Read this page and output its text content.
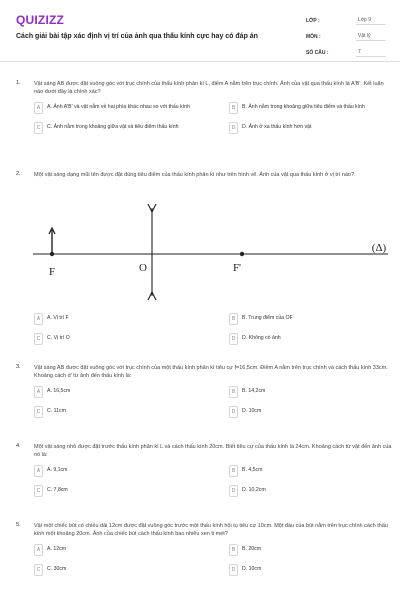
QUIZIZZ
Cách giải bài tập xác định vị trí của ảnh qua thấu kính cực hay có đáp án
LỚP :	Lớp 9
MÔN :	Vật lý
SỐ CÂU :	7
1.	Vật sáng AB được đặt vuông góc với trục chính của thấu kính phân kì L, điểm A nằm trên trục chính. Ảnh của vật qua thấu kính là A'B'. Kết luận nào dưới đây là chính xác?
A	A. Ảnh A'B' và vật nằm về hai phía khác nhau so với thấu kính	B	B. Ảnh nằm trong khoảng giữa tiêu điểm và thấu kính
C	C. Ảnh nằm trong khoảng giữa vật và tiêu điểm thấu kính	D	D. Ảnh ở xa thấu kính hơn vật
2.	Một vật sáng dạng mũi tên được đặt đúng tiêu điểm của thấu kính phân kì như trên hình vẽ. Ảnh của vật qua thấu kính ở vị trí nào?
F	O	F'
(Δ)
A	A. Vị trí F	B	B. Trung điểm của OF
C	C. Vị trí O	D	D. Không có ảnh
3.	Vật sáng AB được đặt vuông góc với trục chính của một thấu kính phân kì tiêu cự f=16,5cm. Điểm A nằm trên trục chính và cách thấu kính 33cm. Khoảng cách d' từ ảnh đến thấu kính là:
A	A. 16,5cm	B	B. 14,2cm
C	C. 11cm	D	D. 10cm
4.	Một vật sáng nhỏ được đặt trước thấu kính phân kì L và cách thấu kính 20cm. Biết tiêu cự của thấu kính là 24cm. Khoảng cách từ vật đến ảnh của nó là:
A	A. 9,1cm	B	B. 4,5cm
C	C. 7,8cm	D	D. 10,2cm
5.	Vật một chiếc bút có chiều dài 12cm được đặt vuông góc trước một thấu kính hội tụ tiêu cự 10cm. Một đầu của bút nằm trên trục chính cách thấu kính một khoảng 20cm. Ảnh của chiếc bút cách thấu kính bao nhiêu xen ti mét?
A	A. 12cm	B	B. 20cm
C	C. 30cm	D	D. 10cm
